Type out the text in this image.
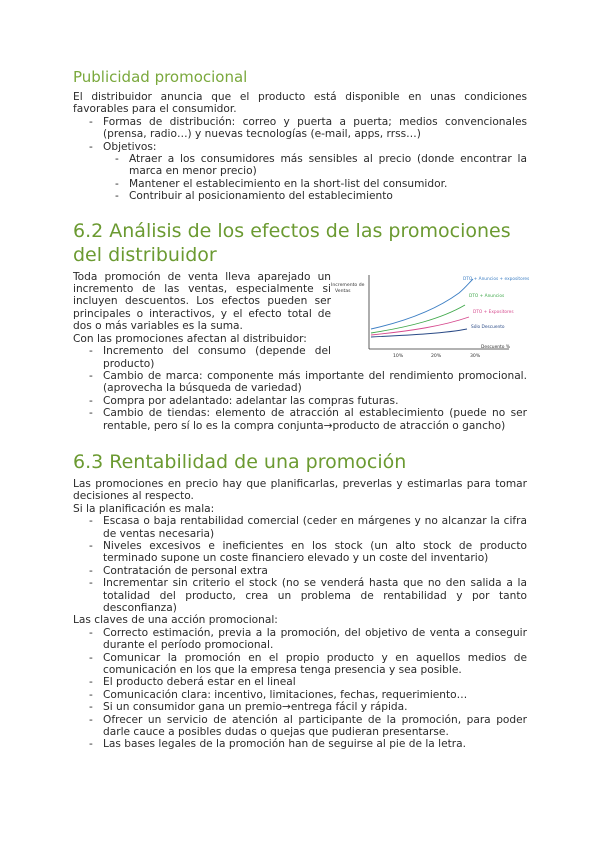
Publicidad promocional

El distribuidor anuncia que el producto está disponible en unas condiciones favorables para el consumidor.

- Formas de distribución: correo y puerta a puerta; medios convencionales (prensa, radio…) y nuevas tecnologías (e-mail, apps, rrss…)
- Objetivos:
- Atraer a los consumidores más sensibles al precio (donde encontrar la marca en menor precio)
- Mantener el establecimiento en la short-list del consumidor.
- Contribuir al posicionamiento del establecimiento
6.2 Análisis de los efectos de las promociones del distribuidor
Incremento de
Ventas
Descuento %
10%	20%	30%
DTO + Anuncios + expositores
DTO + Anuncios
DTO + Expositores
Sólo Descuento

Toda promoción de venta lleva aparejado un incremento de las ventas, especialmente si incluyen descuentos. Los efectos pueden ser principales o interactivos, y el efecto total de dos o más variables es la suma.

Con las promociones afectan al distribuidor:

- Incremento del consumo (depende del producto)
- Cambio de marca: componente más importante del rendimiento promocional. (aprovecha la búsqueda de variedad)
- Compra por adelantado: adelantar las compras futuras.
- Cambio de tiendas: elemento de atracción al establecimiento (puede no ser rentable, pero sí lo es la compra conjunta→producto de atracción o gancho)
6.3 Rentabilidad de una promoción

Las promociones en precio hay que planificarlas, preverlas y estimarlas para tomar decisiones al respecto.

Si la planificación es mala:

- Escasa o baja rentabilidad comercial (ceder en márgenes y no alcanzar la cifra de ventas necesaria)
- Niveles excesivos e ineficientes en los stock (un alto stock de producto terminado supone un coste financiero elevado y un coste del inventario)
- Contratación de personal extra
- Incrementar sin criterio el stock (no se venderá hasta que no den salida a la totalidad del producto, crea un problema de rentabilidad y por tanto desconfianza)

Las claves de una acción promocional:

- Correcto estimación, previa a la promoción, del objetivo de venta a conseguir durante el período promocional.
- Comunicar la promoción en el propio producto y en aquellos medios de comunicación en los que la empresa tenga presencia y sea posible.
- El producto deberá estar en el lineal
- Comunicación clara: incentivo, limitaciones, fechas, requerimiento…
- Si un consumidor gana un premio→entrega fácil y rápida.
- Ofrecer un servicio de atención al participante de la promoción, para poder darle cauce a posibles dudas o quejas que pudieran presentarse.
- Las bases legales de la promoción han de seguirse al pie de la letra.
